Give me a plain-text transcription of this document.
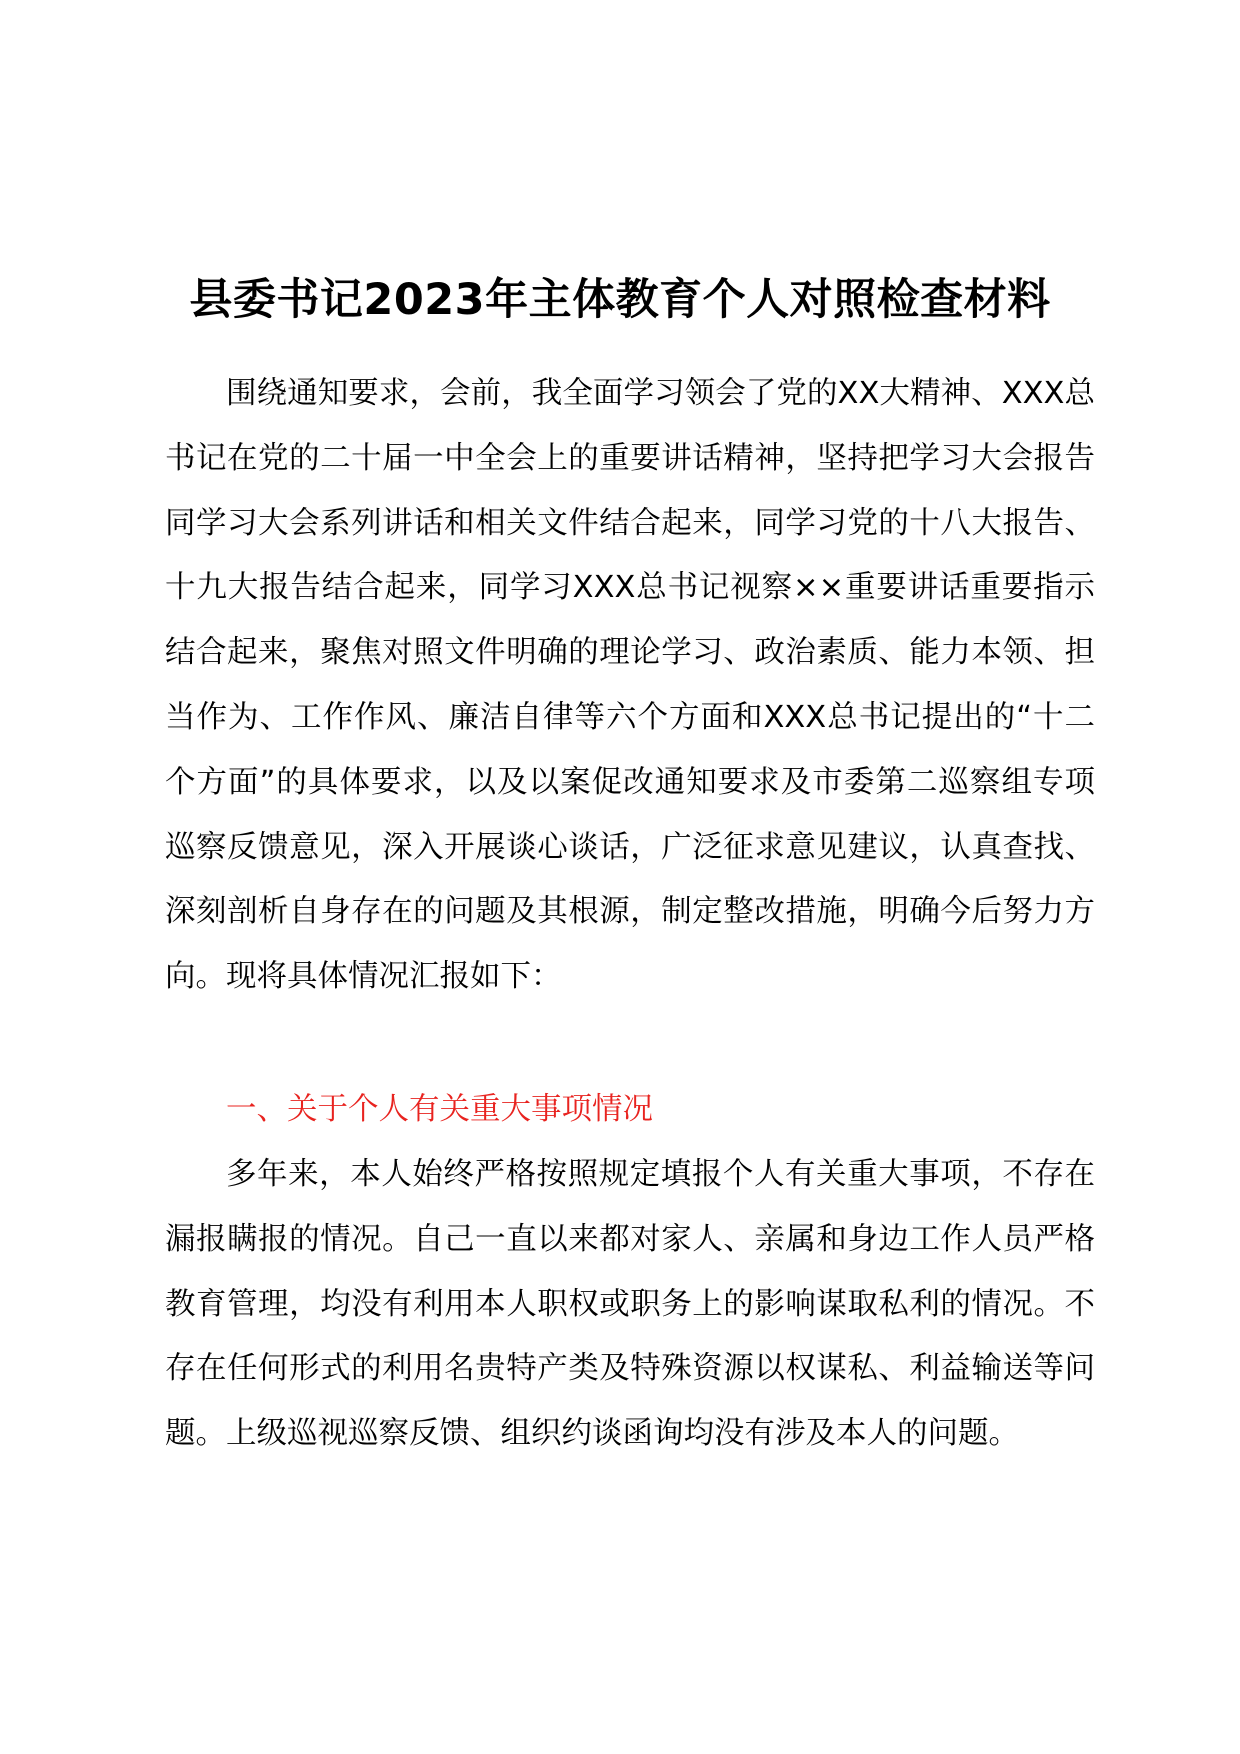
县委书记2023年主体教育个人对照检查材料

围绕通知要求，会前，我全面学习领会了党的XX大精神、XXX总书记在党的二十届一中全会上的重要讲话精神，坚持把学习大会报告同学习大会系列讲话和相关文件结合起来，同学习党的十八大报告、十九大报告结合起来，同学习XXX总书记视察××重要讲话重要指示结合起来，聚焦对照文件明确的理论学习、政治素质、能力本领、担当作为、工作作风、廉洁自律等六个方面和XXX总书记提出的“十二个方面”的具体要求，以及以案促改通知要求及市委第二巡察组专项巡察反馈意见，深入开展谈心谈话，广泛征求意见建议，认真查找、深刻剖析自身存在的问题及其根源，制定整改措施，明确今后努力方向。现将具体情况汇报如下：

一、关于个人有关重大事项情况

多年来，本人始终严格按照规定填报个人有关重大事项，不存在漏报瞒报的情况。自己一直以来都对家人、亲属和身边工作人员严格教育管理，均没有利用本人职权或职务上的影响谋取私利的情况。不存在任何形式的利用名贵特产类及特殊资源以权谋私、利益输送等问题。上级巡视巡察反馈、组织约谈函询均没有涉及本人的问题。
